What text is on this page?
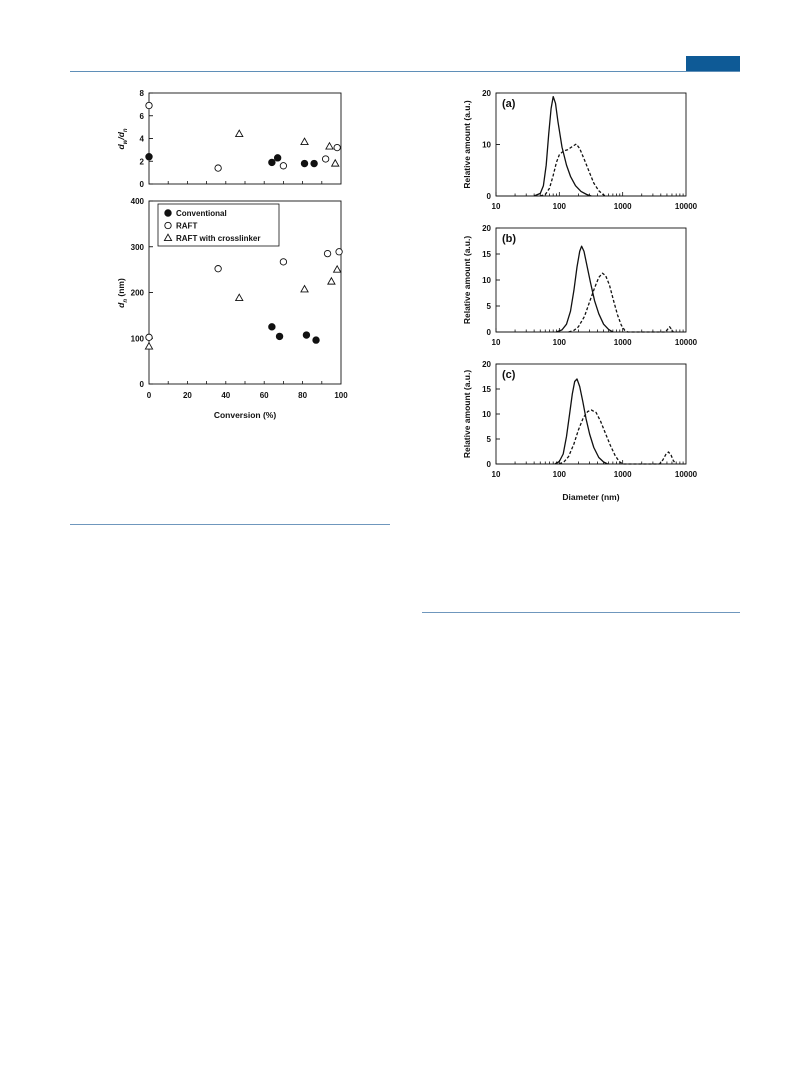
0
2
4
6
8
0
100
200
300
400
0	20	40	60	80	100
$d_w/d_n$
$d_n$ (nm)
Conversion (%)
Conventional
RAFT
RAFT with crosslinker
0
10
20
10	100	1000	10000
(a)
Relative amount (a.u.)
0
5
10
15
20
10	100	1000	10000
(b)
Relative amount (a.u.)
0
5
10
15
20
10	100	1000	10000
(c)
Relative amount (a.u.)
Diameter (nm)
